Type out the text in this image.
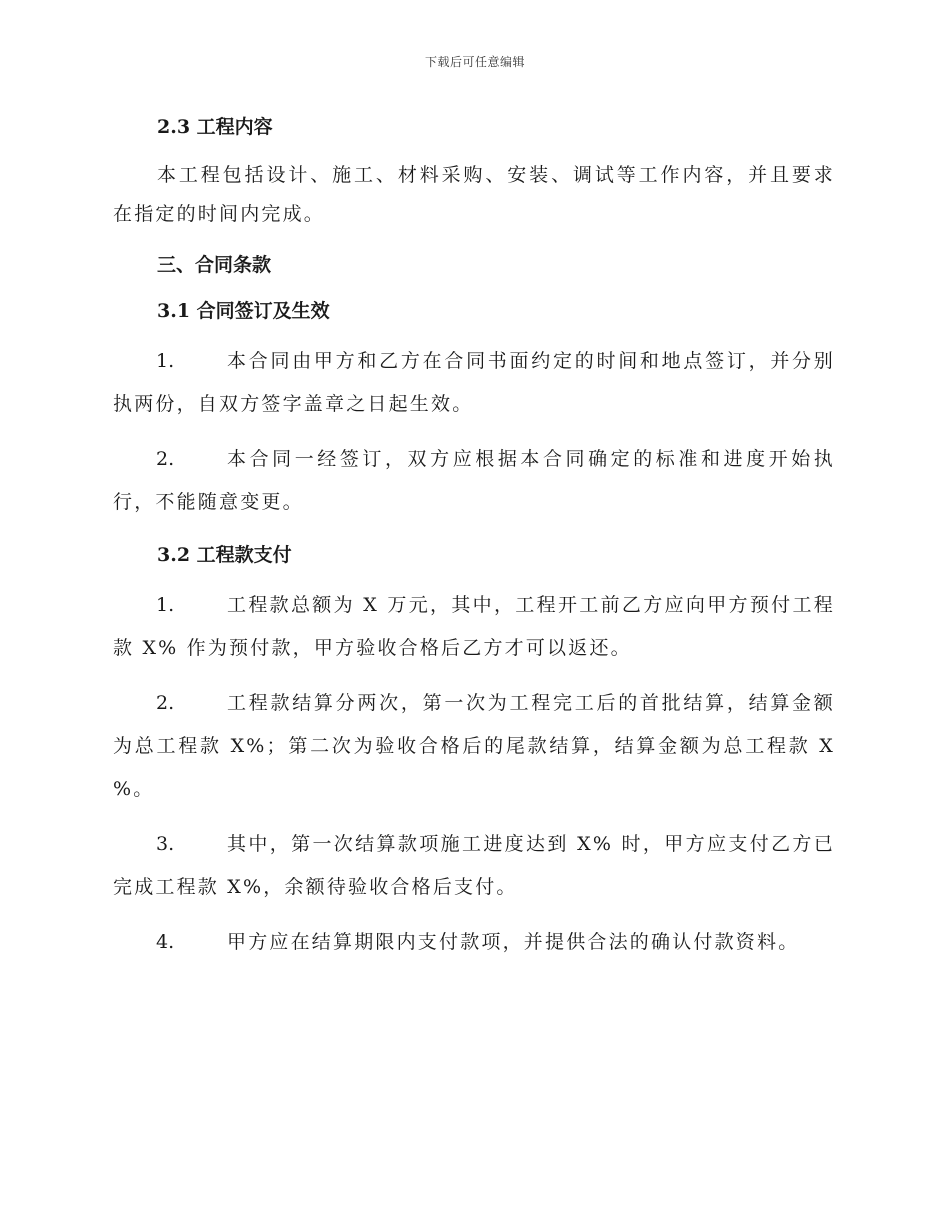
下载后可任意编辑

2.3 工程内容

本工程包括设计、施工、材料采购、安装、调试等工作内容，并且要求在指定的时间内完成。

三、合同条款

3.1 合同签订及生效

1.	本合同由甲方和乙方在合同书面约定的时间和地点签订，并分别执两份，自双方签字盖章之日起生效。
2.	本合同一经签订，双方应根据本合同确定的标准和进度开始执行，不能随意变更。

3.2 工程款支付

1.	工程款总额为 X 万元，其中，工程开工前乙方应向甲方预付工程款 X% 作为预付款，甲方验收合格后乙方才可以返还。
2.	工程款结算分两次，第一次为工程完工后的首批结算，结算金额为总工程款 X%；第二次为验收合格后的尾款结算，结算金额为总工程款 X %。
3.	其中，第一次结算款项施工进度达到 X% 时，甲方应支付乙方已完成工程款 X%，余额待验收合格后支付。
4.	甲方应在结算期限内支付款项，并提供合法的确认付款资料。
